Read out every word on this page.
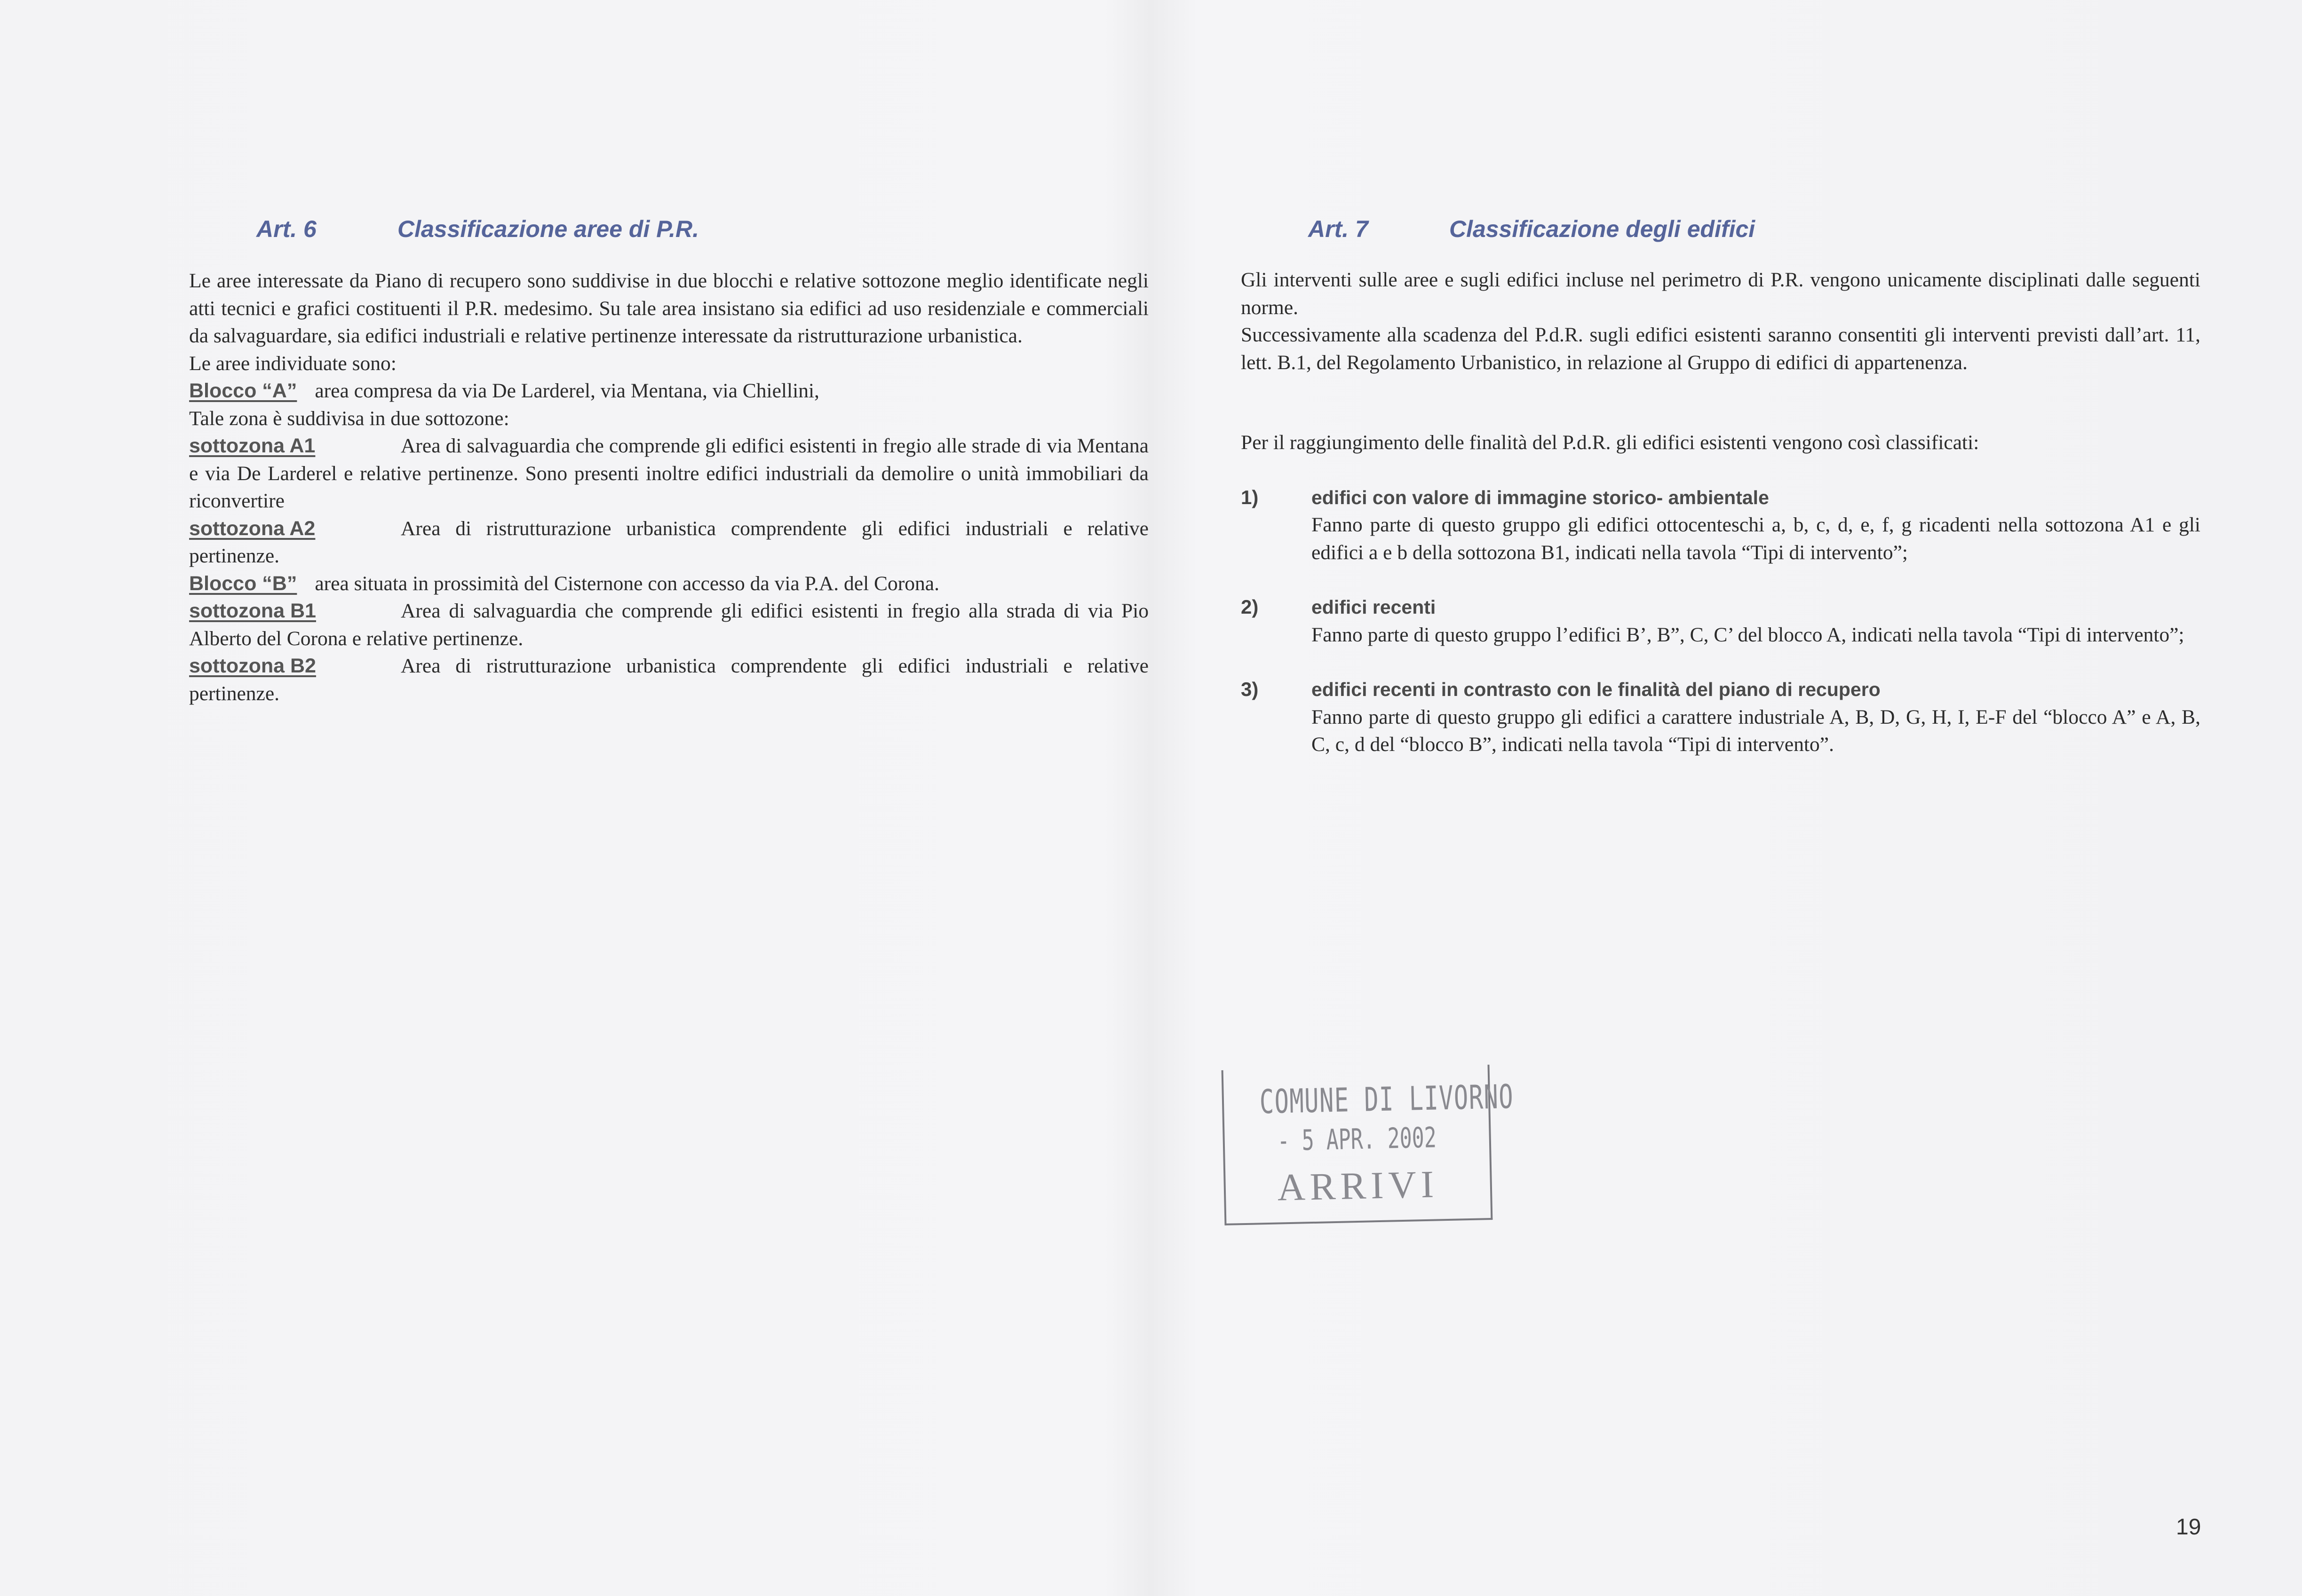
Art. 6	Classificazione aree di P.R.

Le aree interessate da Piano di recupero sono suddivise in due blocchi e relative sottozone meglio identificate negli atti tecnici e grafici costituenti il P.R. medesimo. Su tale area insistano sia edifici ad uso residenziale e commerciali da salvaguardare, sia edifici industriali e relative pertinenze interessate da ristrutturazione urbanistica.

Le aree individuate sono:

Blocco “A” area compresa da via De Larderel, via Mentana, via Chiellini,

Tale zona è suddivisa in due sottozone:

sottozona A1	Area di salvaguardia che comprende gli edifici esistenti in fregio alle strade di via Mentana e via De Larderel e relative pertinenze. Sono presenti inoltre edifici industriali da demolire o unità immobiliari da riconvertire

sottozona A2	Area di ristrutturazione urbanistica comprendente gli edifici industriali e relative pertinenze.

Blocco “B” area situata in prossimità del Cisternone con accesso da via P.A. del Corona.

sottozona B1	Area di salvaguardia che comprende gli edifici esistenti in fregio alla strada di via Pio Alberto del Corona e relative pertinenze.

sottozona B2	Area di ristrutturazione urbanistica comprendente gli edifici industriali e relative pertinenze.

Art. 7	Classificazione degli edifici

Gli interventi sulle aree e sugli edifici incluse nel perimetro di P.R. vengono unicamente disciplinati dalle seguenti norme.

Successivamente alla scadenza del P.d.R. sugli edifici esistenti saranno consentiti gli interventi previsti dall’art. 11, lett. B.1, del Regolamento Urbanistico, in relazione al Gruppo di edifici di appartenenza.

Per il raggiungimento delle finalità del P.d.R. gli edifici esistenti vengono così classificati:

1)	edifici con valore di immagine storico- ambientale
Fanno parte di questo gruppo gli edifici ottocenteschi a, b, c, d, e, f, g ricadenti nella sottozona A1 e gli edifici a e b della sottozona B1, indicati nella tavola “Tipi di intervento”;
2)	edifici recenti
Fanno parte di questo gruppo l’edifici B’, B”, C, C’ del blocco A, indicati nella tavola “Tipi di intervento”;
3)	edifici recenti in contrasto con le finalità del piano di recupero
Fanno parte di questo gruppo gli edifici a carattere industriale A, B, D, G, H, I, E-F del “blocco A” e A, B, C, c, d del “blocco B”, indicati nella tavola “Tipi di intervento”.
COMUNE DI LIVORNO
- 5 APR. 2002
ARRIVI
19
